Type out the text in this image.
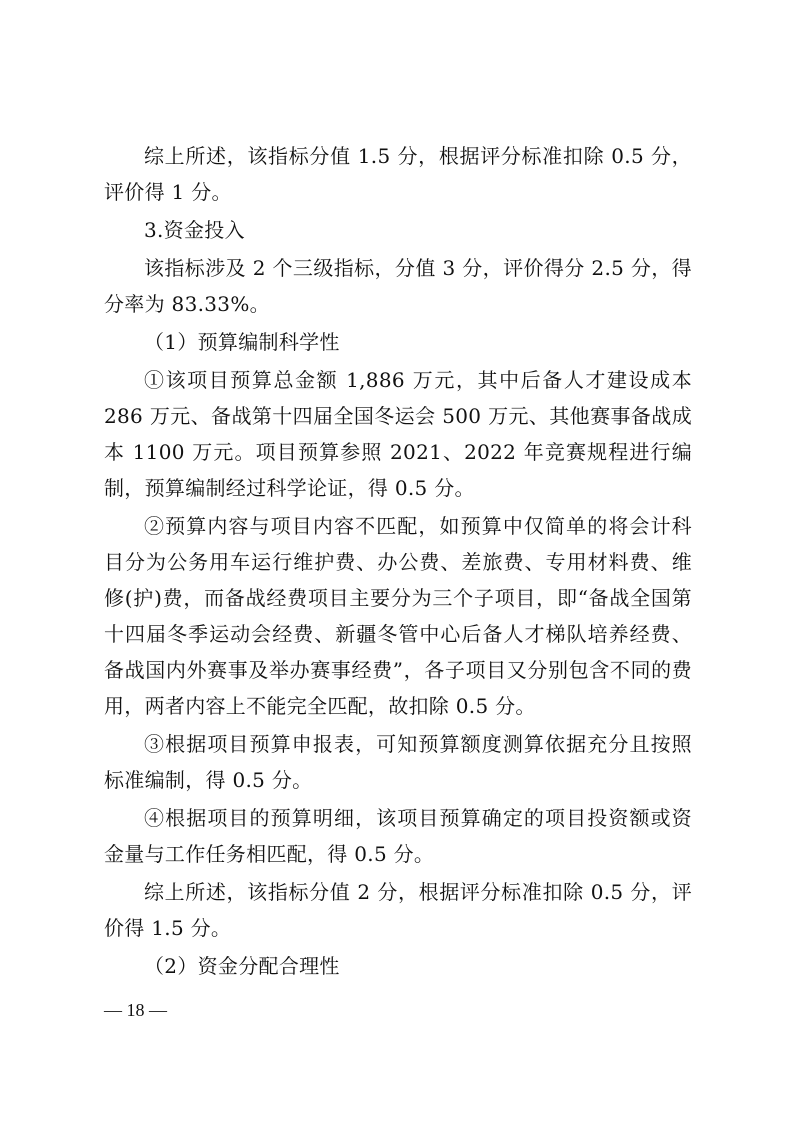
综上所述，该指标分值 1.5 分，根据评分标准扣除 0.5 分，评价得 1 分。

3.资金投入

该指标涉及 2 个三级指标，分值 3 分，评价得分 2.5 分，得分率为 83.33%。

（1）预算编制科学性

①该项目预算总金额 1,886 万元，其中后备人才建设成本 286 万元、备战第十四届全国冬运会 500 万元、其他赛事备战成本 1100 万元。项目预算参照 2021、2022 年竞赛规程进行编制，预算编制经过科学论证，得 0.5 分。

②预算内容与项目内容不匹配，如预算中仅简单的将会计科目分为公务用车运行维护费、办公费、差旅费、专用材料费、维修(护)费，而备战经费项目主要分为三个子项目，即“备战全国第十四届冬季运动会经费、新疆冬管中心后备人才梯队培养经费、备战国内外赛事及举办赛事经费”，各子项目又分别包含不同的费用，两者内容上不能完全匹配，故扣除 0.5 分。

③根据项目预算申报表，可知预算额度测算依据充分且按照标准编制，得 0.5 分。

④根据项目的预算明细，该项目预算确定的项目投资额或资金量与工作任务相匹配，得 0.5 分。

综上所述，该指标分值 2 分，根据评分标准扣除 0.5 分，评价得 1.5 分。

（2）资金分配合理性

— 18 —
